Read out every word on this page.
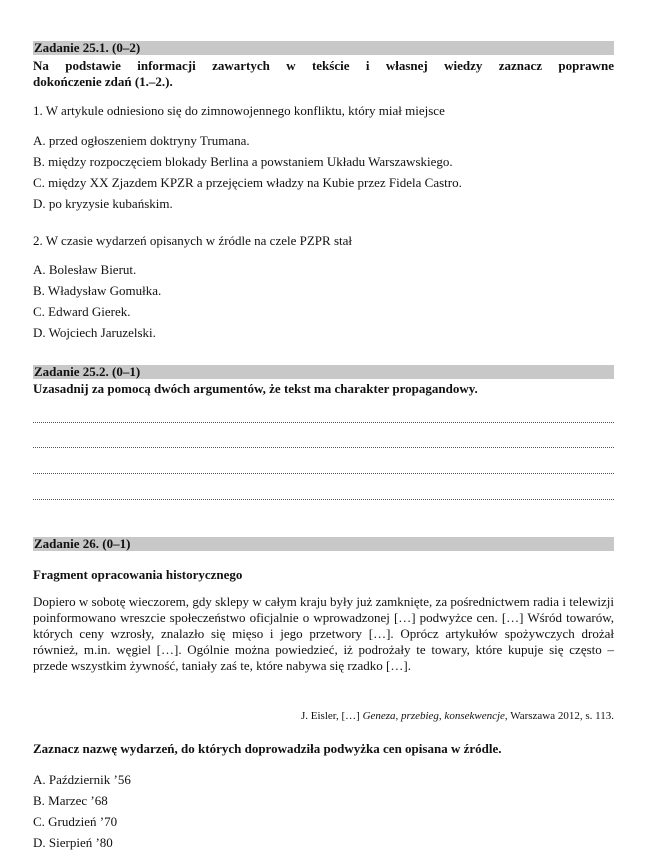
Zadanie 25.1. (0–2)
Na podstawie informacji zawartych w tekście i własnej wiedzy zaznacz poprawne
dokończenie zdań (1.–2.).
1. W artykule odniesiono się do zimnowojennego konfliktu, który miał miejsce
A. przed ogłoszeniem doktryny Trumana.
B. między rozpoczęciem blokady Berlina a powstaniem Układu Warszawskiego.
C. między XX Zjazdem KPZR a przejęciem władzy na Kubie przez Fidela Castro.
D. po kryzysie kubańskim.
2. W czasie wydarzeń opisanych w źródle na czele PZPR stał
A. Bolesław Bierut.
B. Władysław Gomułka.
C. Edward Gierek.
D. Wojciech Jaruzelski.
Zadanie 25.2. (0–1)
Uzasadnij za pomocą dwóch argumentów, że tekst ma charakter propagandowy.
Zadanie 26. (0–1)
Fragment opracowania historycznego
Dopiero w sobotę wieczorem, gdy sklepy w całym kraju były już zamknięte, za pośrednictwem radia i telewizji poinformowano wreszcie społeczeństwo oficjalnie o wprowadzonej […] podwyżce cen. […] Wśród towarów, których ceny wzrosły, znalazło się mięso i jego przetwory […]. Oprócz artykułów spożywczych drożał również, m.in. węgiel […]. Ogólnie można powiedzieć, iż podrożały te towary, które kupuje się często – przede wszystkim żywność, taniały zaś te, które nabywa się rzadko […].
J. Eisler, […] Geneza, przebieg, konsekwencje, Warszawa 2012, s. 113.
Zaznacz nazwę wydarzeń, do których doprowadziła podwyżka cen opisana w źródle.
A. Październik ’56
B. Marzec ’68
C. Grudzień ’70
D. Sierpień ’80
